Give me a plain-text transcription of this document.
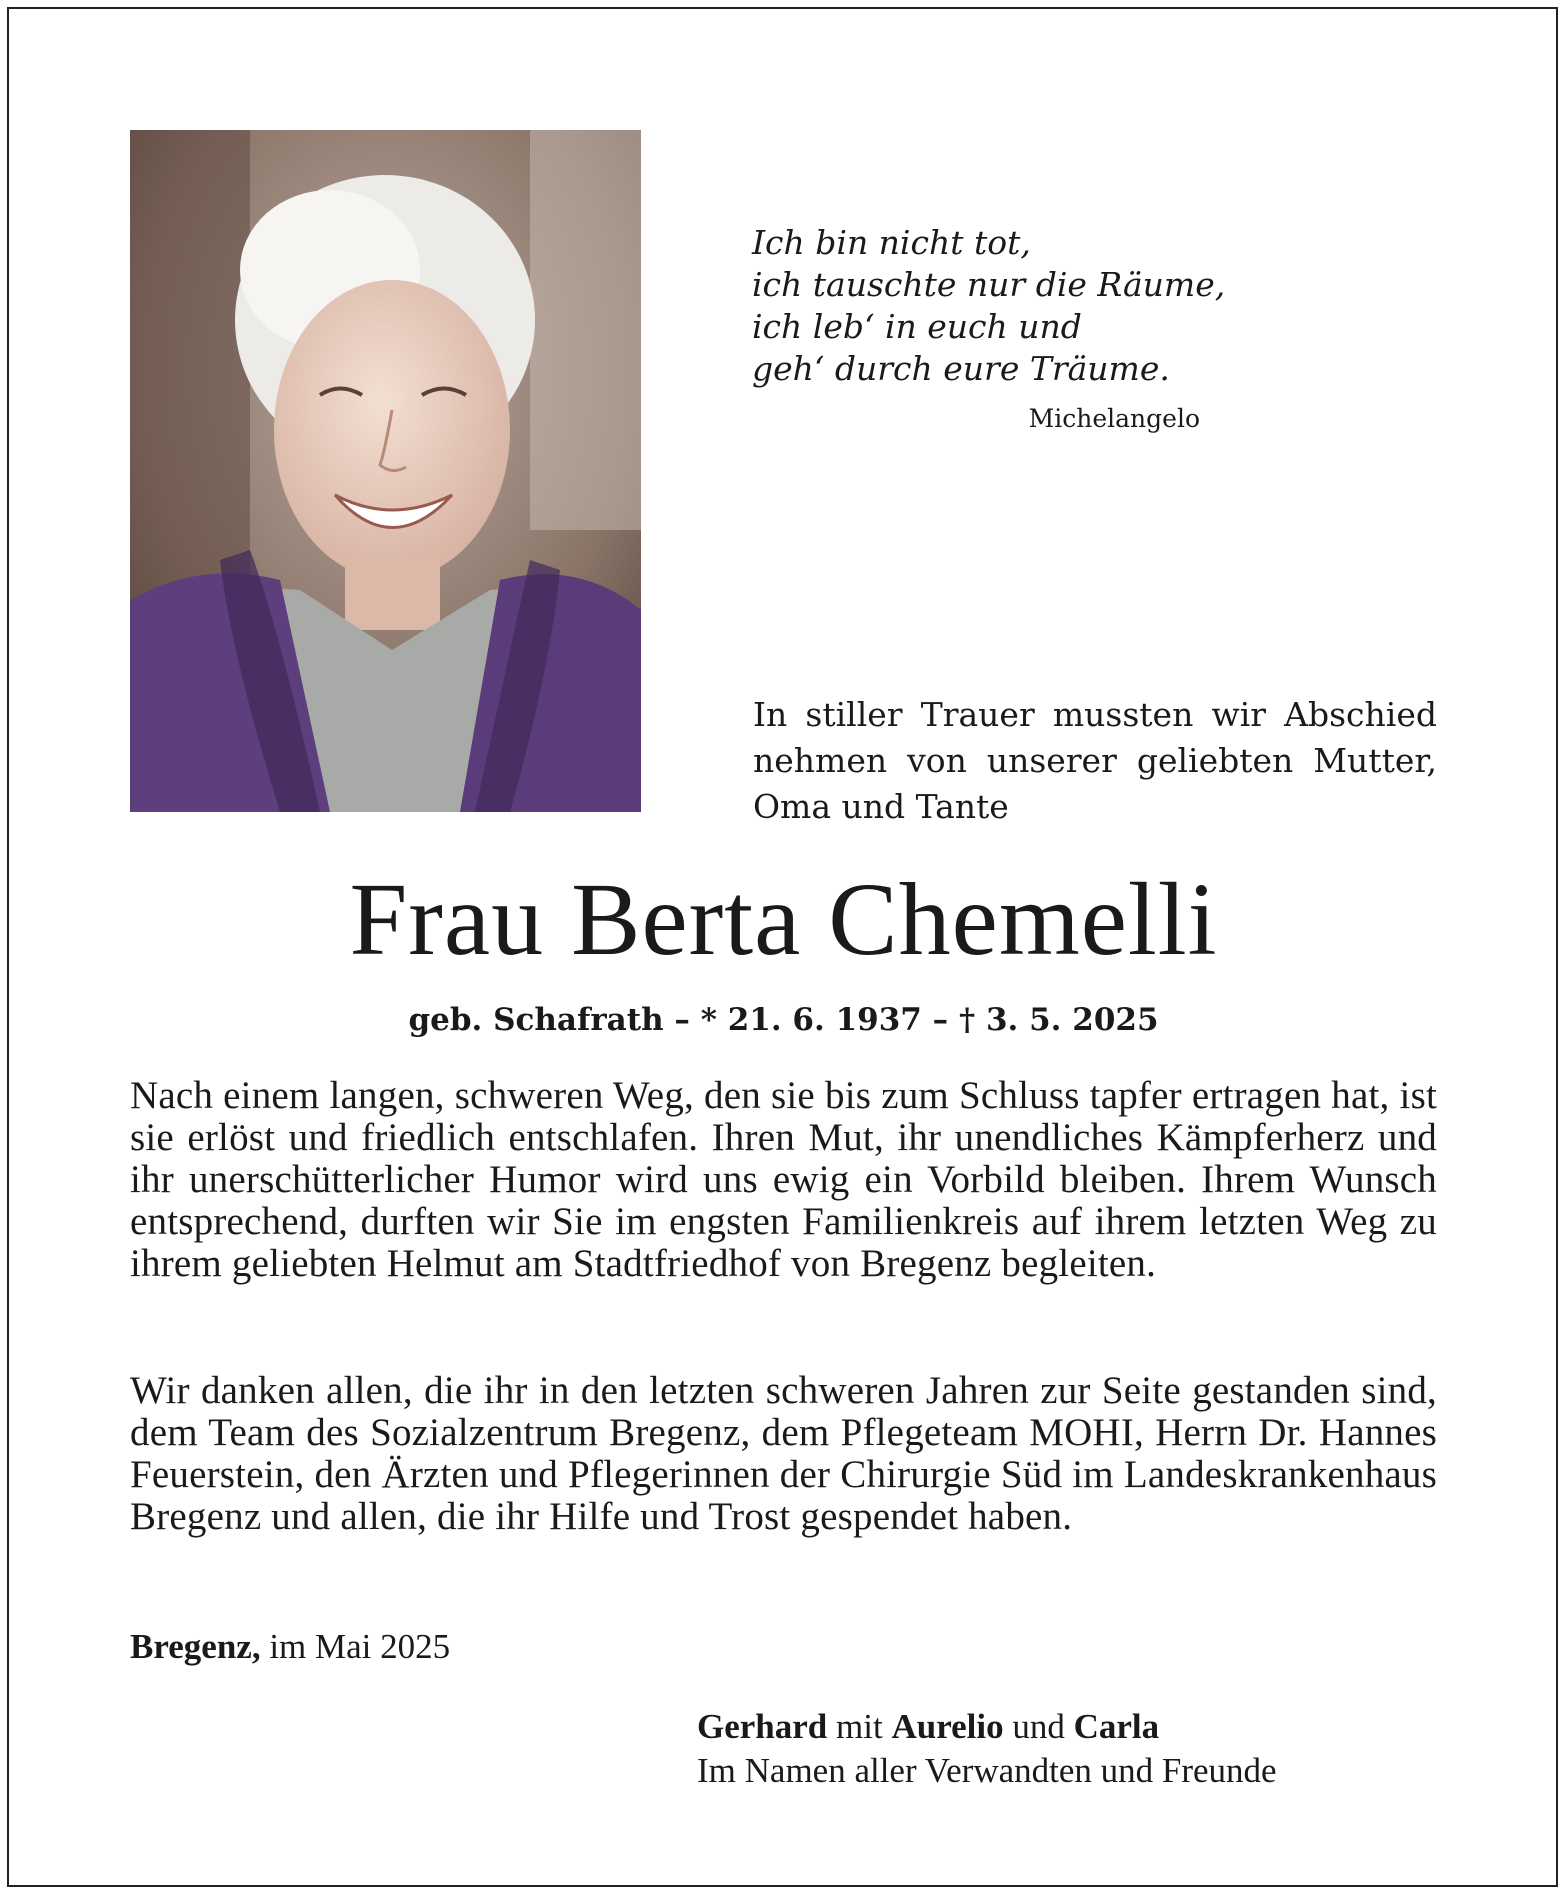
Ich bin nicht tot,
ich tauschte nur die Räume,
ich leb‘ in euch und
geh‘ durch eure Träume.
Michelangelo
In stiller Trauer mussten wir Abschied nehmen von unserer geliebten Mutter, Oma und Tante
Frau Berta Chemelli
geb. Schafrath – * 21. 6. 1937 – † 3. 5. 2025
Nach einem langen, schweren Weg, den sie bis zum Schluss tapfer ertragen hat, ist sie erlöst und friedlich entschlafen. Ihren Mut, ihr unendliches Kämpferherz und ihr unerschütterlicher Humor wird uns ewig ein Vorbild bleiben. Ihrem Wunsch entsprechend, durften wir Sie im engsten Familienkreis auf ihrem letzten Weg zu ihrem geliebten Helmut am Stadtfriedhof von Bregenz begleiten.
Wir danken allen, die ihr in den letzten schweren Jahren zur Seite gestanden sind, dem Team des Sozialzentrum Bregenz, dem Pflegeteam MOHI, Herrn Dr. Hannes Feuerstein, den Ärzten und Pflegerinnen der Chirurgie Süd im Landeskrankenhaus Bregenz und allen, die ihr Hilfe und Trost gespendet haben.
Bregenz, im Mai 2025
Gerhard mit Aurelio und Carla
Im Namen aller Verwandten und Freunde
